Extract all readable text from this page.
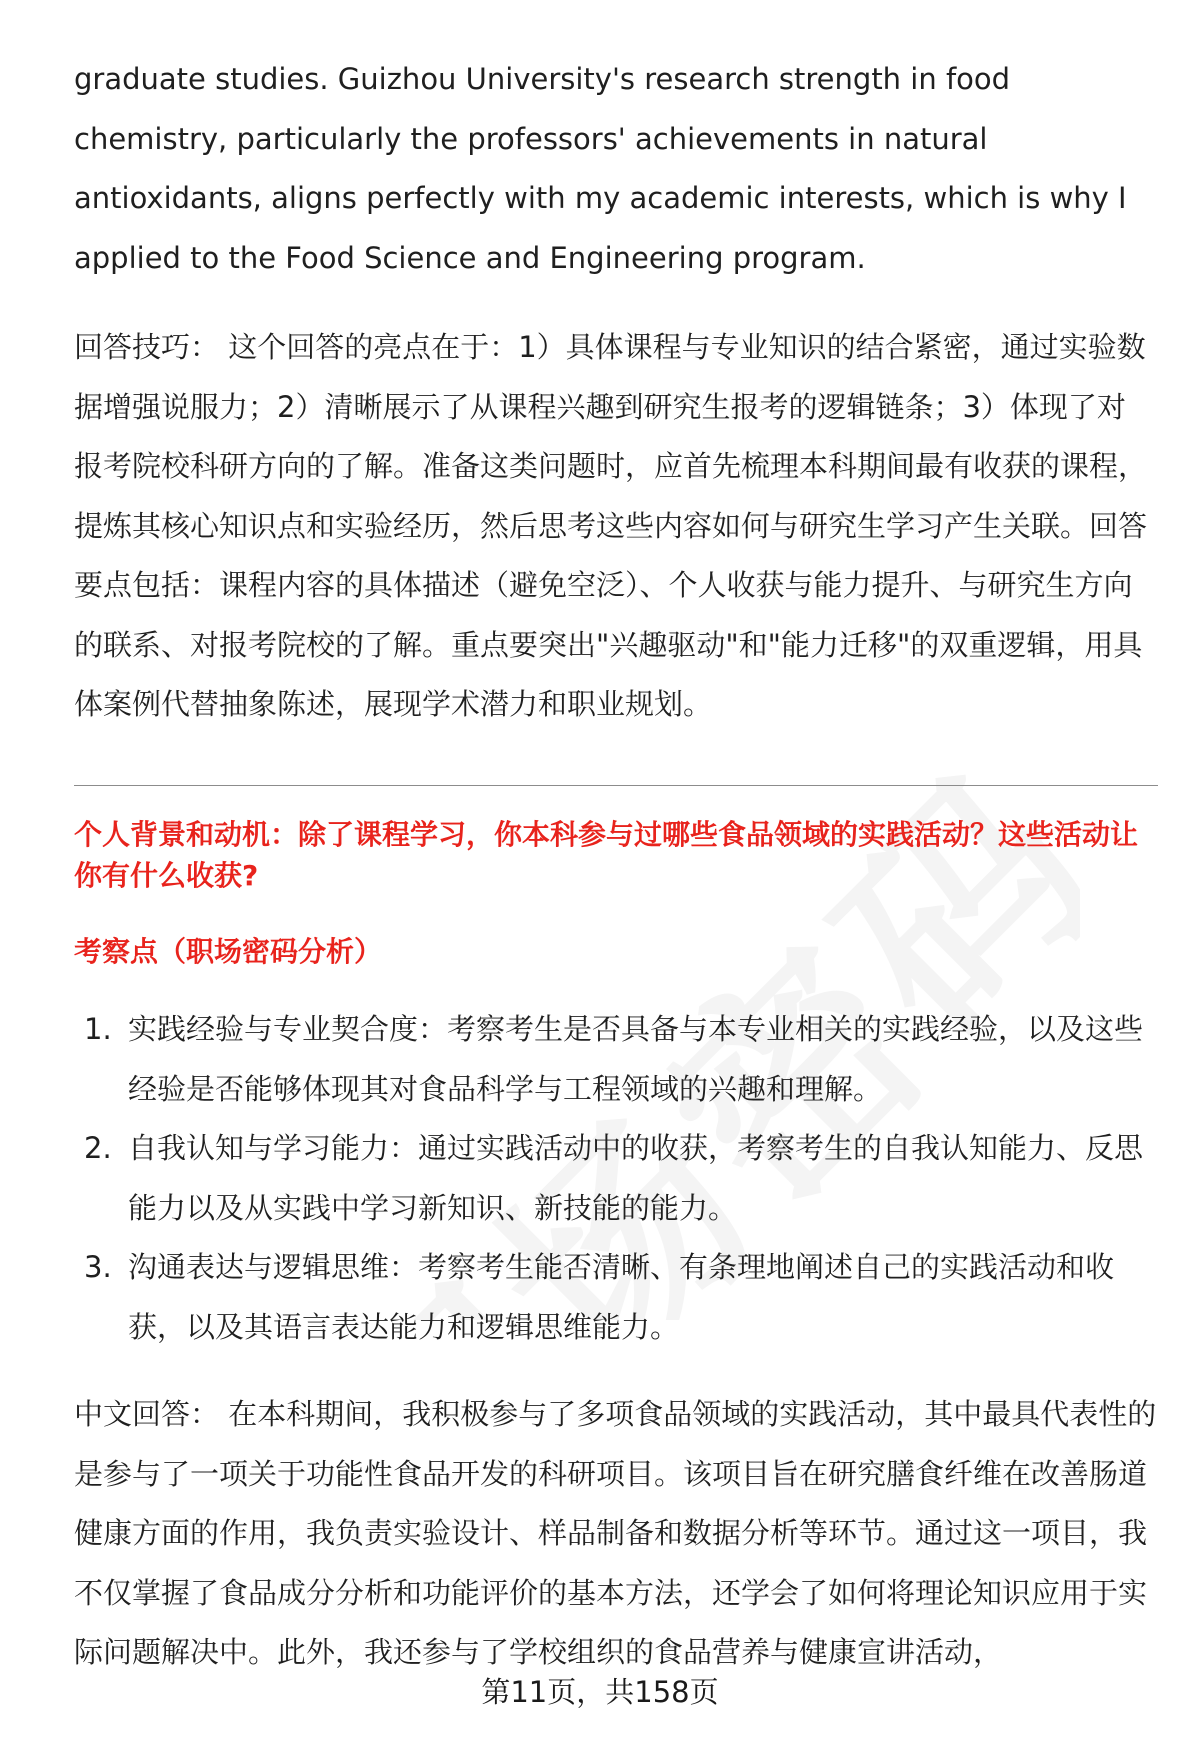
graduate studies. Guizhou University's research strength in food chemistry, particularly the professors' achievements in natural antioxidants, aligns perfectly with my academic interests, which is why I applied to the Food Science and Engineering program.

回答技巧： 这个回答的亮点在于：1）具体课程与专业知识的结合紧密，通过实验数据增强说服力；2）清晰展示了从课程兴趣到研究生报考的逻辑链条；3）体现了对报考院校科研方向的了解。准备这类问题时，应首先梳理本科期间最有收获的课程，提炼其核心知识点和实验经历，然后思考这些内容如何与研究生学习产生关联。回答要点包括：课程内容的具体描述（避免空泛）、个人收获与能力提升、与研究生方向的联系、对报考院校的了解。重点要突出"兴趣驱动"和"能力迁移"的双重逻辑，用具体案例代替抽象陈述，展现学术潜力和职业规划。

个人背景和动机：除了课程学习，你本科参与过哪些食品领域的实践活动？这些活动让你有什么收获?
考察点（职场密码分析）
1. 实践经验与专业契合度：考察考生是否具备与本专业相关的实践经验，以及这些经验是否能够体现其对食品科学与工程领域的兴趣和理解。
2. 自我认知与学习能力：通过实践活动中的收获，考察考生的自我认知能力、反思能力以及从实践中学习新知识、新技能的能力。
3. 沟通表达与逻辑思维：考察考生能否清晰、有条理地阐述自己的实践活动和收获，以及其语言表达能力和逻辑思维能力。

中文回答： 在本科期间，我积极参与了多项食品领域的实践活动，其中最具代表性的是参与了一项关于功能性食品开发的科研项目。该项目旨在研究膳食纤维在改善肠道健康方面的作用，我负责实验设计、样品制备和数据分析等环节。通过这一项目，我不仅掌握了食品成分分析和功能评价的基本方法，还学会了如何将理论知识应用于实际问题解决中。此外，我还参与了学校组织的食品营养与健康宣讲活动，

第11页，共158页
